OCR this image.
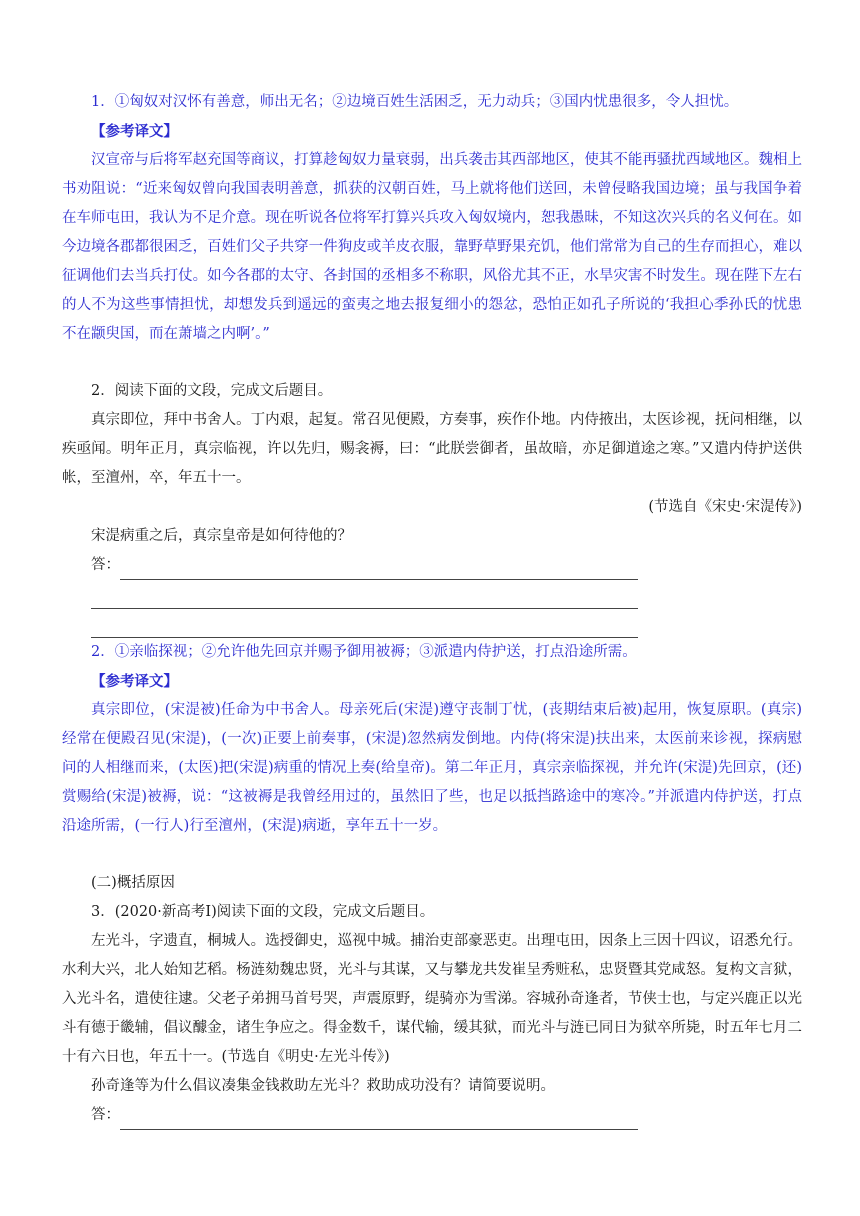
1．①匈奴对汉怀有善意，师出无名；②边境百姓生活困乏，无力动兵；③国内忧患很多，令人担忧。

【参考译文】

汉宣帝与后将军赵充国等商议，打算趁匈奴力量衰弱，出兵袭击其西部地区，使其不能再骚扰西域地区。魏相上书劝阻说：“近来匈奴曾向我国表明善意，抓获的汉朝百姓，马上就将他们送回，未曾侵略我国边境；虽与我国争着在车师屯田，我认为不足介意。现在听说各位将军打算兴兵攻入匈奴境内，恕我愚昧，不知这次兴兵的名义何在。如今边境各郡都很困乏，百姓们父子共穿一件狗皮或羊皮衣服，靠野草野果充饥，他们常常为自己的生存而担心，难以征调他们去当兵打仗。如今各郡的太守、各封国的丞相多不称职，风俗尤其不正，水旱灾害不时发生。现在陛下左右的人不为这些事情担忧，却想发兵到遥远的蛮夷之地去报复细小的怨忿，恐怕正如孔子所说的‘我担心季孙氏的忧患不在颛臾国，而在萧墙之内啊’。”

2．阅读下面的文段，完成文后题目。

真宗即位，拜中书舍人。丁内艰，起复。常召见便殿，方奏事，疾作仆地。内侍掖出，太医诊视，抚问相继，以疾亟闻。明年正月，真宗临视，许以先归，赐衾褥，曰：“此朕尝御者，虽故暗，亦足御道途之寒。”又遣内侍护送供帐，至澶州，卒，年五十一。

(节选自《宋史·宋湜传》)

宋湜病重之后，真宗皇帝是如何待他的？

答：

2．①亲临探视；②允许他先回京并赐予御用被褥；③派遣内侍护送，打点沿途所需。

【参考译文】

真宗即位，(宋湜被)任命为中书舍人。母亲死后(宋湜)遵守丧制丁忧，(丧期结束后被)起用，恢复原职。(真宗)经常在便殿召见(宋湜)，(一次)正要上前奏事，(宋湜)忽然病发倒地。内侍(将宋湜)扶出来，太医前来诊视，探病慰问的人相继而来，(太医)把(宋湜)病重的情况上奏(给皇帝)。第二年正月，真宗亲临探视，并允许(宋湜)先回京，(还)赏赐给(宋湜)被褥，说：“这被褥是我曾经用过的，虽然旧了些，也足以抵挡路途中的寒冷。”并派遣内侍护送，打点沿途所需，(一行人)行至澶州，(宋湜)病逝，享年五十一岁。

(二)概括原因

3．(2020·新高考Ⅰ)阅读下面的文段，完成文后题目。

左光斗，字遗直，桐城人。选授御史，巡视中城。捕治吏部豪恶吏。出理屯田，因条上三因十四议，诏悉允行。水利大兴，北人始知艺稻。杨涟劾魏忠贤，光斗与其谋，又与攀龙共发崔呈秀赃私，忠贤暨其党咸怒。复构文言狱，入光斗名，遣使往逮。父老子弟拥马首号哭，声震原野，缇骑亦为雪涕。容城孙奇逢者，节侠士也，与定兴鹿正以光斗有德于畿辅，倡议醵金，诸生争应之。得金数千，谋代输，缓其狱，而光斗与涟已同日为狱卒所毙，时五年七月二十有六日也，年五十一。(节选自《明史·左光斗传》)

孙奇逢等为什么倡议凑集金钱救助左光斗？救助成功没有？请简要说明。

答：
